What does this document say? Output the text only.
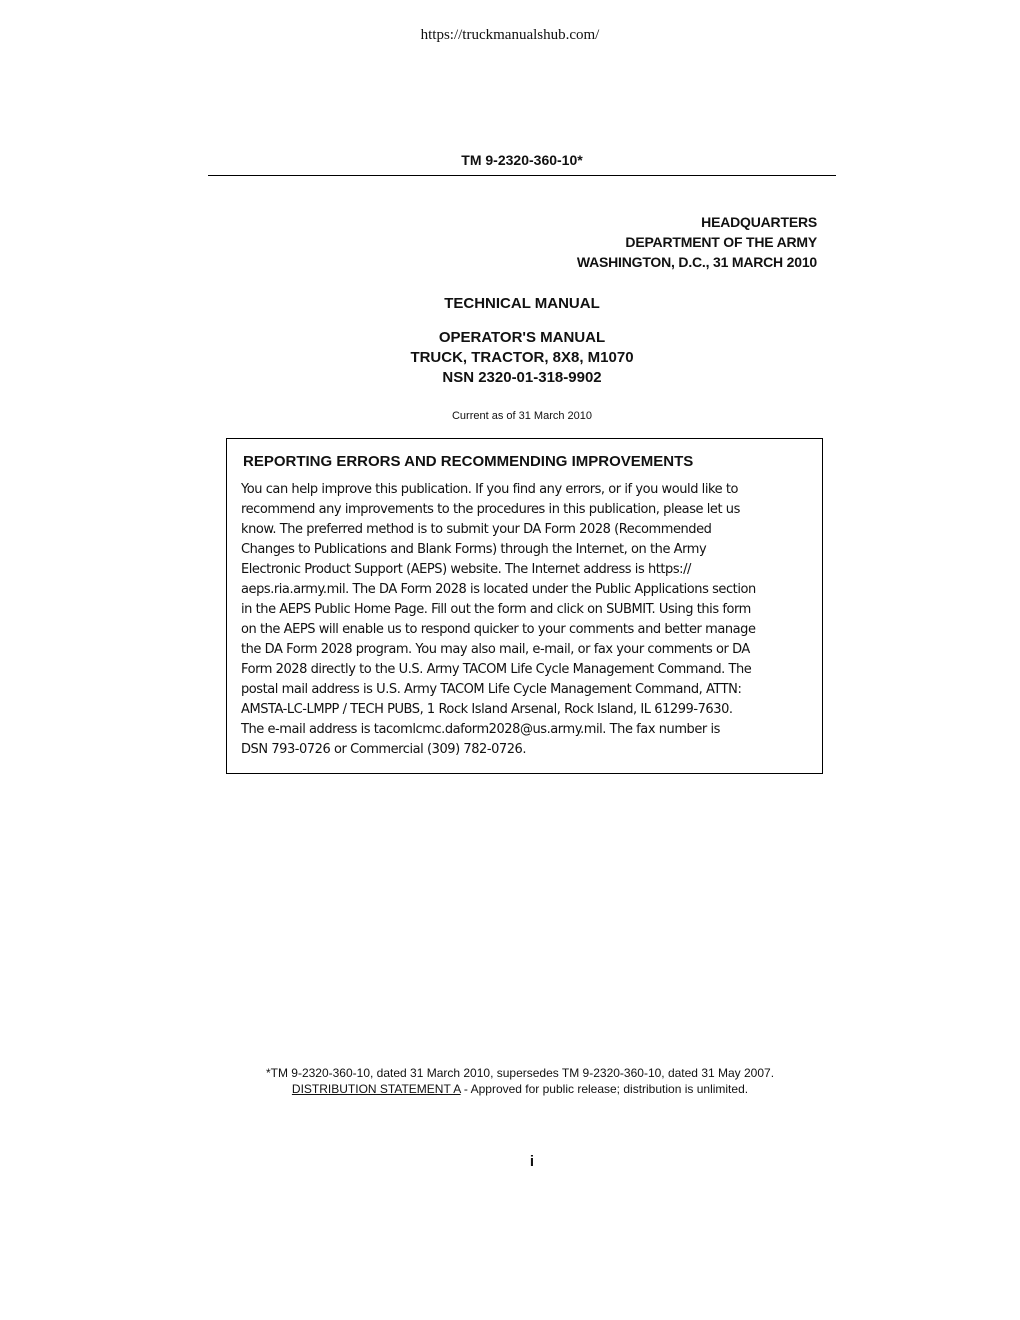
https://truckmanualshub.com/
TM 9-2320-360-10*
HEADQUARTERS
DEPARTMENT OF THE ARMY
WASHINGTON, D.C., 31 MARCH 2010
TECHNICAL MANUAL
OPERATOR'S MANUAL
TRUCK, TRACTOR, 8X8, M1070
NSN 2320-01-318-9902
Current as of 31 March 2010
REPORTING ERRORS AND RECOMMENDING IMPROVEMENTS
You can help improve this publication. If you find any errors, or if you would like to
recommend any improvements to the procedures in this publication, please let us
know. The preferred method is to submit your DA Form 2028 (Recommended
Changes to Publications and Blank Forms) through the Internet, on the Army
Electronic Product Support (AEPS) website. The Internet address is https://
aeps.ria.army.mil. The DA Form 2028 is located under the Public Applications section
in the AEPS Public Home Page. Fill out the form and click on SUBMIT. Using this form
on the AEPS will enable us to respond quicker to your comments and better manage
the DA Form 2028 program. You may also mail, e-mail, or fax your comments or DA
Form 2028 directly to the U.S. Army TACOM Life Cycle Management Command. The
postal mail address is U.S. Army TACOM Life Cycle Management Command, ATTN:
AMSTA-LC-LMPP / TECH PUBS, 1 Rock Island Arsenal, Rock Island, IL 61299-7630.
The e-mail address is tacomlcmc.daform2028@us.army.mil. The fax number is
DSN 793-0726 or Commercial (309) 782-0726.
*TM 9-2320-360-10, dated 31 March 2010, supersedes TM 9-2320-360-10, dated 31 May 2007.
DISTRIBUTION STATEMENT A - Approved for public release; distribution is unlimited.
i
